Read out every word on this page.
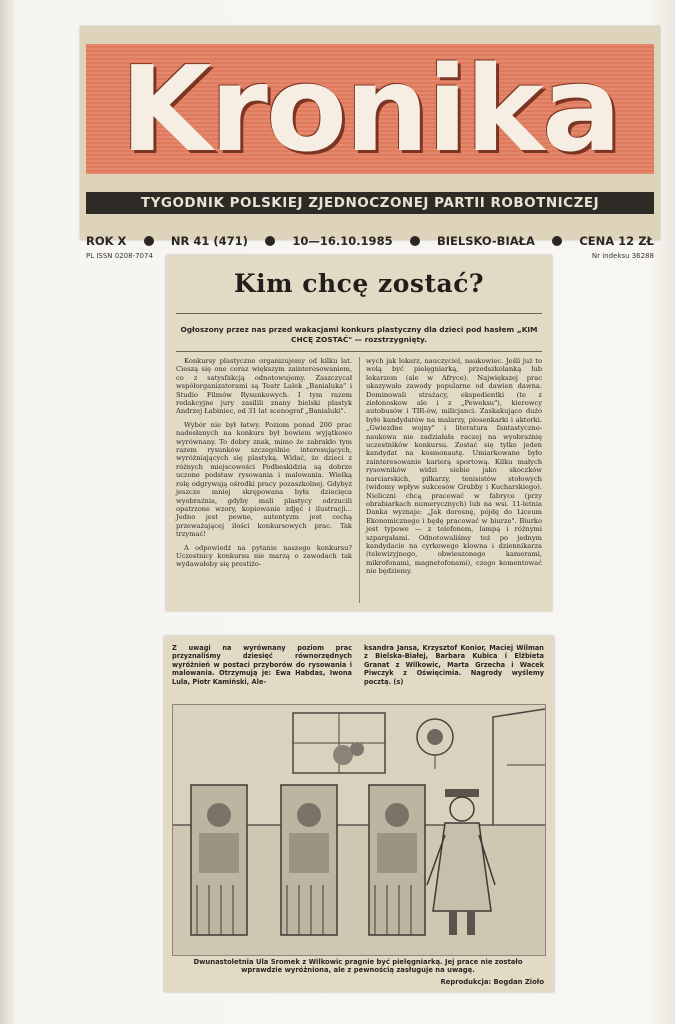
Kronika
TYGODNIK POLSKIEJ ZJEDNOCZONEJ PARTII ROBOTNICZEJ
ROK X	NR 41 (471)	10—16.10.1985	BIELSKO-BIAŁA	CENA 12 ZŁ
PL ISSN 0208-7074	Nr indeksu 36288
Kim chcę zostać?
Ogłoszony przez nas przed wakacjami konkurs plastyczny dla dzieci pod hasłem „KIM CHCĘ ZOSTAĆ" — rozstrzygnięty.

Konkursy plastyczne organizujemy od kilku lat. Cieszą się one coraz większym zainteresowaniem, co z satysfakcją odnotowujemy. Zaszczycał współorganizatorami są Teatr Lalek „Banialuka" i Studio Filmów Rysunkowych. I tym razem redakcyjne jury zasilili znany bielski plastyk Andrzej Łabiniec, od 31 lat scenograf „Banialuki".

Wybór nie był łatwy. Poziom ponad 200 prac nadesłanych na konkurs był bowiem wyjątkowo wyrównany. To dobry znak, mimo że zabrakło tym razem rysunków szczególnie interesujących, wyróżniających się plastyką. Widać, że dzieci z różnych miejscowości Podbeskidzia są dobrze uczone podstaw rysowania i malowania. Wielką rolę odgrywają ośrodki pracy pozaszkolnej. Gdybyż jeszcze mniej skrępowana była dziecięca wyobraźnia, gdyby mali plastycy odrzucili opatrzone wzory, kopiowanie zdjęć i ilustracji... Jedno jest pewne, autentyzm jest cechą przeważającej ilości konkursowych prac. Tak trzymać!

A odpowiedź na pytanie naszego konkursu? Uczestnicy konkursu nie marzą o zawodach tak wydawałoby się prestiżo-

wych jak lekarz, nauczyciel, naukowiec. Jeśli już to wolą być pielęgniarką, przedszkolanką lub lekarzem (ale w Afryce). Największej prac ukazywało zawody popularne od dawien dawna. Dominowali strażacy, ekspedientki (te z ziołonoskow ale i z „Peweksu"), kierowcy autobusów i TIR-ów, milicjanci. Zaskakująco dużo było kandydatów na malarzy, piosenkarki i aktorki. „Gwiezdne wojny" i literatura fantastyczno-naukowa nie zadziałała raczej na wyobraźnię uczestników konkursu. Zostać się tylko jeden kandydat na kosmonautę. Umiarkowane było zainteresowanie karierą sportową. Kilku małych rysowników widzi siebie jako skoczków narciarskich, piłkarzy, tenisistów stołowych (widomy wpływ sukcesów Grubby i Kucharskiego). Nieliczni chcą pracować w fabryce (przy obrabiarkach numerycznych) lub na wsi. 11-letnia Danka wyznaje: „Jak dorosnę, pójdę do Liceum Ekonomicznego i będę pracować w biurze". Biurko jest typowe — z telefonem, lampą i różnymi szpargałami. Odnotowaliśmy też po jednym kandydacie na cyrkowego klowna i dziennikarza (telewizyjnego, obwieszonego kamerami, mikrofonami, magnetofonami), czego komentować nie będziemy.

Z uwagi na wyrównany poziom prac przyznaliśmy dziesięć równorzędnych wyróżnień w postaci przyborów do rysowania i malowania. Otrzymują je: Ewa Habdas, Iwona Lula, Piotr Kamiński, Ale-
ksandra Jansa, Krzysztof Konior, Maciej Wilman z Bielska-Białej, Barbara Kubica i Elżbieta Granat z Wilkowic, Marta Grzecha i Wacek Piwczyk z Oświęcimia. Nagrody wyślemy pocztą. (s)
Dwunastoletnia Ula Sromek z Wilkowic pragnie być pielęgniarką. Jej prace nie zostało wprawdzie wyróżniona, ale z pewnością zasługuje na uwagę.
Reprodukcja: Bogdan Zioło
